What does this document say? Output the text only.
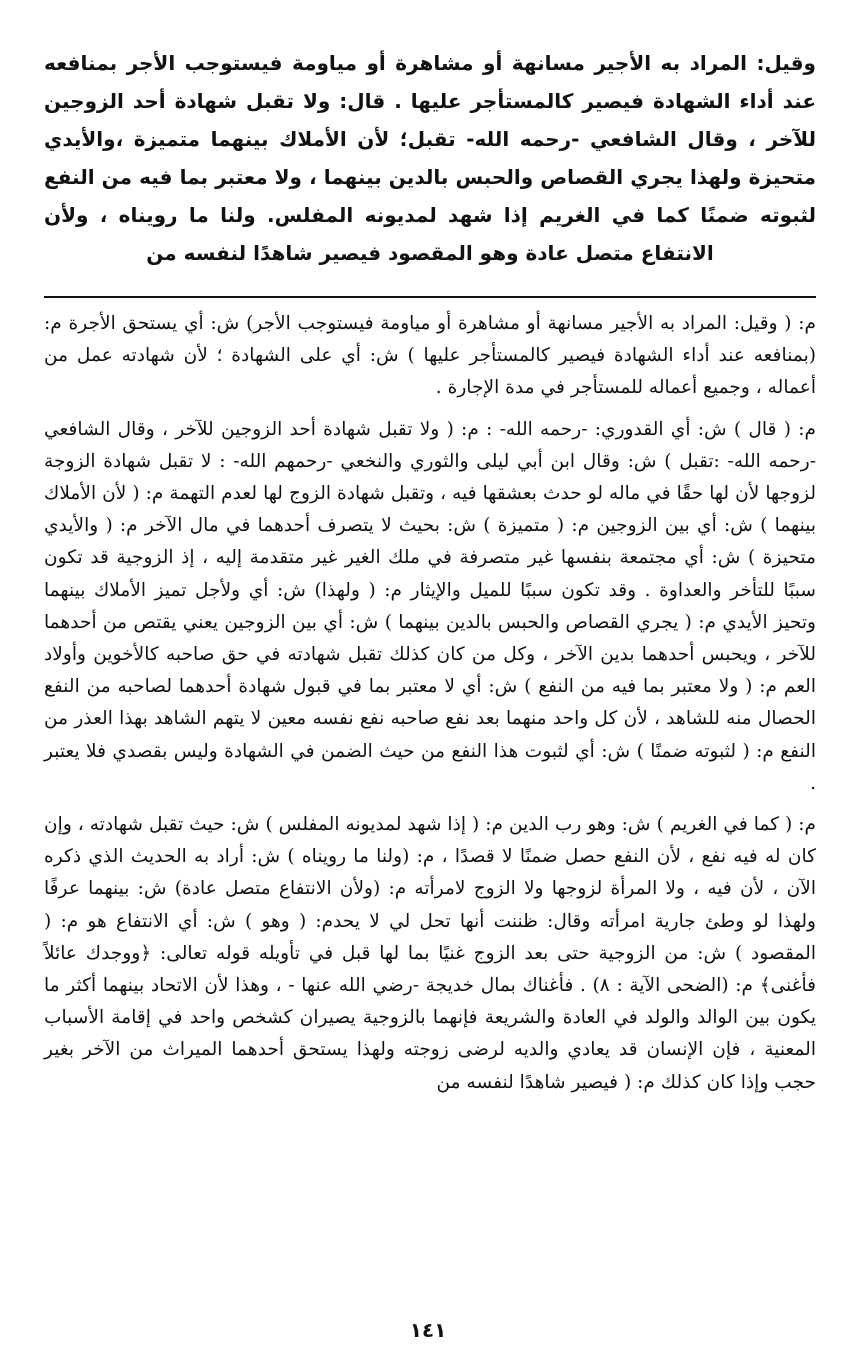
وقيل: المراد به الأجير مسانهة أو مشاهرة أو مياومة فيستوجب الأجر بمنافعه عند أداء الشهادة فيصير كالمستأجر عليها . قال: ولا تقبل شهادة أحد الزوجين للآخر ، وقال الشافعي -رحمه الله- تقبل؛ لأن الأملاك بينهما متميزة ،والأيدي متحيزة ولهذا يجري القصاص والحبس بالدين بينهما ، ولا معتبر بما فيه من النفع لثبوته ضمنًا كما في الغريم إذا شهد لمديونه المفلس. ولنا ما رويناه ، ولأن الانتفاع متصل عادة وهو المقصود فيصير شاهدًا لنفسه من

م: ( وقيل: المراد به الأجير مسانهة أو مشاهرة أو مياومة فيستوجب الأجر) ش: أي يستحق الأجرة م: (بمنافعه عند أداء الشهادة فيصير كالمستأجر عليها ) ش: أي على الشهادة ؛ لأن شهادته عمل من أعماله ، وجميع أعماله للمستأجر في مدة الإجارة .

م: ( قال ) ش: أي القدوري: -رحمه الله- : م: ( ولا تقبل شهادة أحد الزوجين للآخر ، وقال الشافعي -رحمه الله- :تقبل ) ش: وقال ابن أبي ليلى والثوري والنخعي -رحمهم الله- : لا تقبل شهادة الزوجة لزوجها لأن لها حقًا في ماله لو حدث بعشقها فيه ، وتقبل شهادة الزوج لها لعدم التهمة م: ( لأن الأملاك بينهما ) ش: أي بين الزوجين م: ( متميزة ) ش: بحيث لا يتصرف أحدهما في مال الآخر م: ( والأيدي متحيزة ) ش: أي مجتمعة بنفسها غير متصرفة في ملك الغير غير متقدمة إليه ، إذ الزوجية قد تكون سببًا للتأخر والعداوة . وقد تكون سببًا للميل والإيثار م: ( ولهذا) ش: أي ولأجل تميز الأملاك بينهما وتحيز الأيدي م: ( يجري القصاص والحبس بالدين بينهما ) ش: أي بين الزوجين يعني يقتص من أحدهما للآخر ، ويحبس أحدهما بدين الآخر ، وكل من كان كذلك تقبل شهادته في حق صاحبه كالأخوين وأولاد العم م: ( ولا معتبر بما فيه من النفع ) ش: أي لا معتبر بما في قبول شهادة أحدهما لصاحبه من النفع الحصال منه للشاهد ، لأن كل واحد منهما بعد نفع صاحبه نفع نفسه معين لا يتهم الشاهد بهذا العذر من النفع م: ( لثبوته ضمنًا ) ش: أي لثبوت هذا النفع من حيث الضمن في الشهادة وليس بقصدي فلا يعتبر .

م: ( كما في الغريم ) ش: وهو رب الدين م: ( إذا شهد لمديونه المفلس ) ش: حيث تقبل شهادته ، وإن كان له فيه نفع ، لأن النفع حصل ضمنًا لا قصدًا ، م: (ولنا ما رويناه ) ش: أراد به الحديث الذي ذكره الآن ، لأن فيه ، ولا المرأة لزوجها ولا الزوج لامرأته م: (ولأن الانتفاع متصل عادة) ش: بينهما عرفًا ولهذا لو وطئ جارية امرأته وقال: ظننت أنها تحل لي لا يحدم: ( وهو ) ش: أي الانتفاع هو م: ( المقصود ) ش: من الزوجية حتى بعد الزوج غنيًا بما لها قبل في تأويله قوله تعالى: ﴿ووجدك عائلاً فأغنى﴾ م: (الضحى الآية : ٨) . فأغناك بمال خديجة -رضي الله عنها - ، وهذا لأن الاتحاد بينهما أكثر ما يكون بين الوالد والولد في العادة والشريعة فإنهما بالزوجية يصيران كشخص واحد في إقامة الأسباب المعنية ، فإن الإنسان قد يعادي والديه لرضى زوجته ولهذا يستحق أحدهما الميراث من الآخر بغير حجب وإذا كان كذلك م: ( فيصير شاهدًا لنفسه من

١٤١
